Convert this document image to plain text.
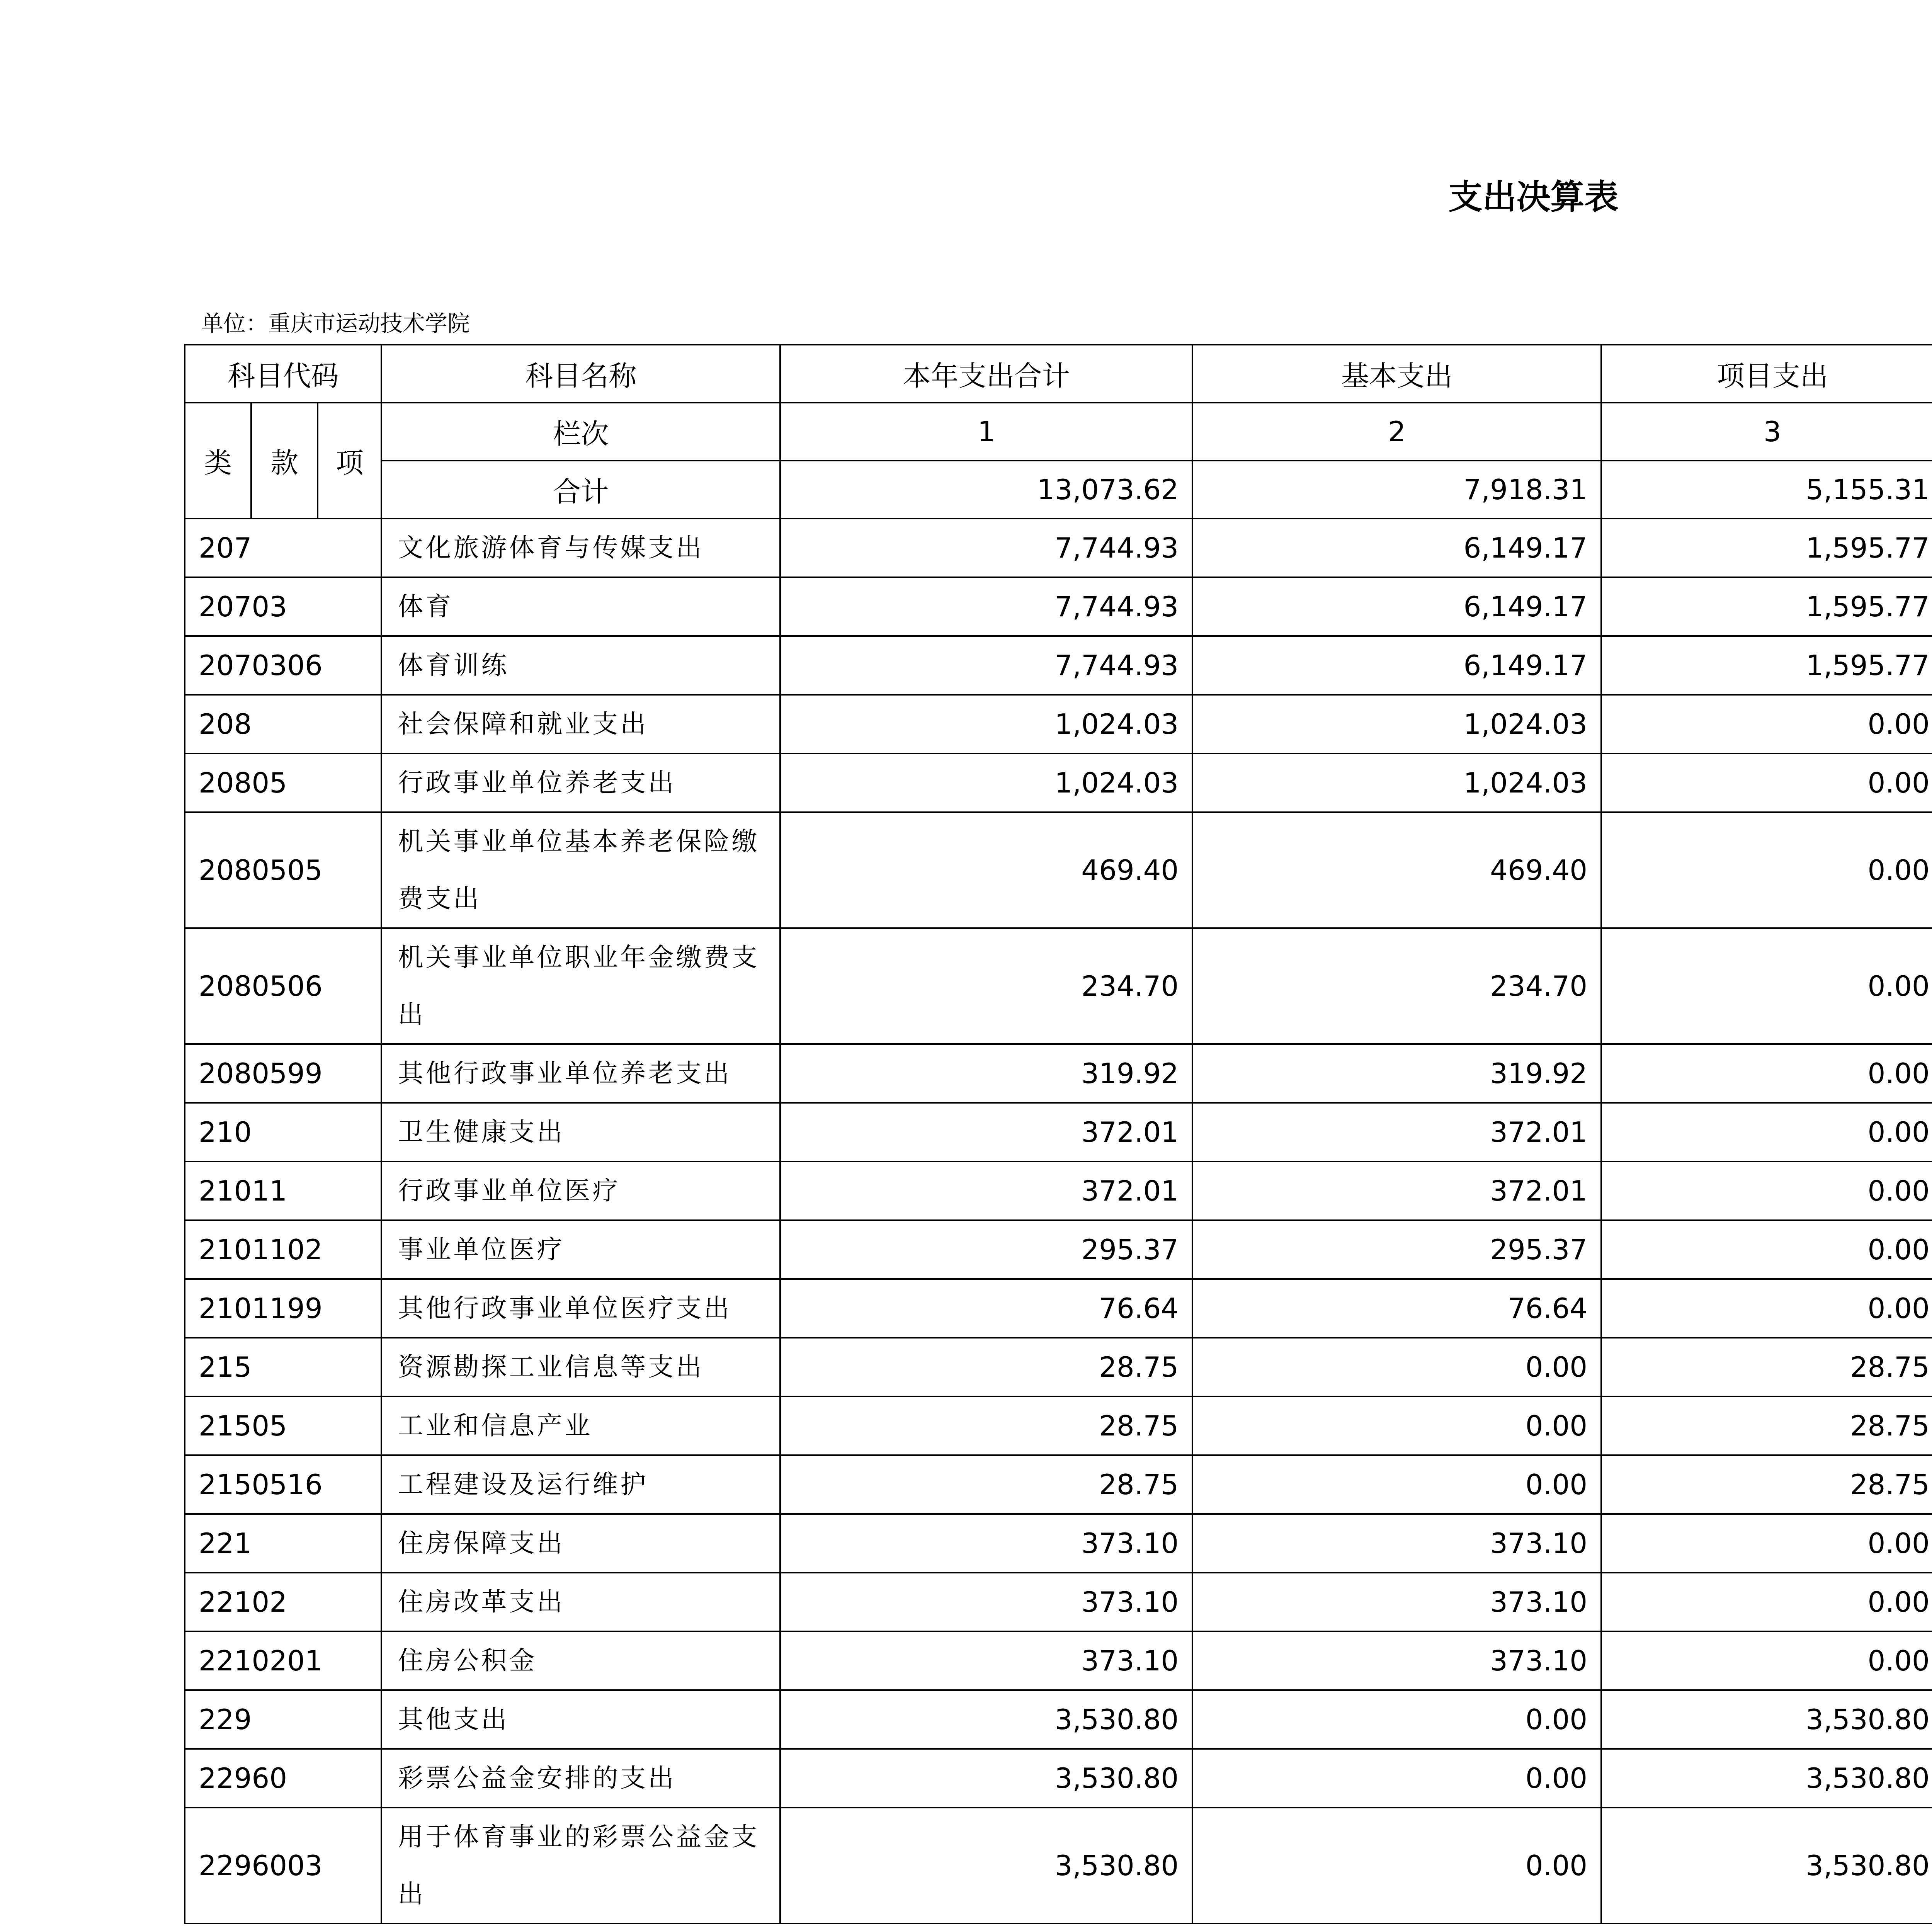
支出决算表
单位：重庆市运动技术学院
科目代码			科目名称	本年支出合计	基本支出	项目支出			
类	款	项	栏次	1	2	3			
			合计	13,073.62	7,918.31	5,155.31			
207			文化旅游体育与传媒支出	7,744.93	6,149.17	1,595.77			
20703			体育	7,744.93	6,149.17	1,595.77			
2070306			体育训练	7,744.93	6,149.17	1,595.77			
208			社会保障和就业支出	1,024.03	1,024.03	0.00			
20805			行政事业单位养老支出	1,024.03	1,024.03	0.00			
2080505			机关事业单位基本养老保险缴费支出	469.40	469.40	0.00			
2080506			机关事业单位职业年金缴费支出	234.70	234.70	0.00			
2080599			其他行政事业单位养老支出	319.92	319.92	0.00			
210			卫生健康支出	372.01	372.01	0.00			
21011			行政事业单位医疗	372.01	372.01	0.00			
2101102			事业单位医疗	295.37	295.37	0.00			
2101199			其他行政事业单位医疗支出	76.64	76.64	0.00			
215			资源勘探工业信息等支出	28.75	0.00	28.75			
21505			工业和信息产业	28.75	0.00	28.75			
2150516			工程建设及运行维护	28.75	0.00	28.75			
221			住房保障支出	373.10	373.10	0.00			
22102			住房改革支出	373.10	373.10	0.00			
2210201			住房公积金	373.10	373.10	0.00			
229			其他支出	3,530.80	0.00	3,530.80			
22960			彩票公益金安排的支出	3,530.80	0.00	3,530.80			
2296003			用于体育事业的彩票公益金支出	3,530.80	0.00	3,530.80			
